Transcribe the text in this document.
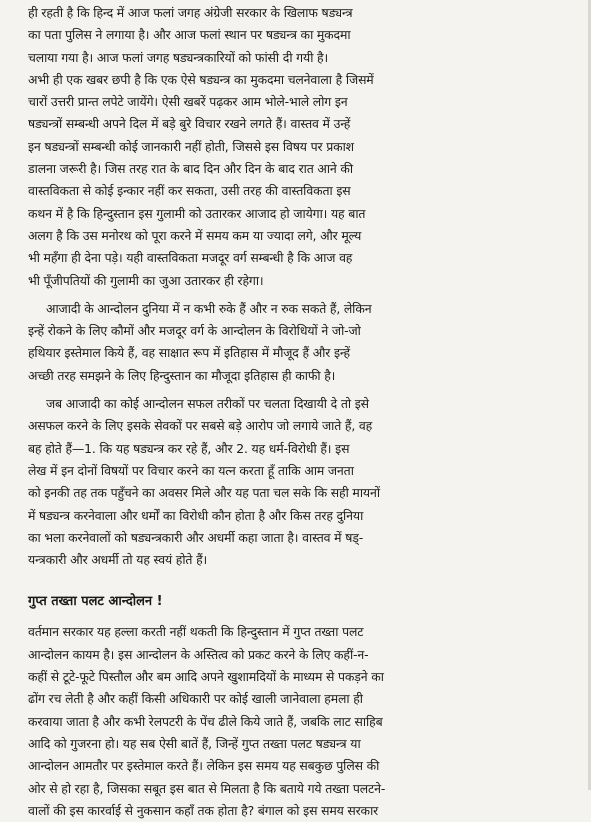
ही रहती है कि हिन्द में आज फलां जगह अंग्रेजी सरकार के खिलाफ षड्यन्त्र
का पता पुलिस ने लगाया है। और आज फलां स्थान पर षड्यन्त्र का मुकदमा
चलाया गया है। आज फलां जगह षड्यन्त्रकारियों को फांसी दी गयी है।
अभी ही एक खबर छपी है कि एक ऐसे षड्यन्त्र का मुकदमा चलनेवाला है जिसमें
चारों उत्तरी प्रान्त लपेटे जायेंगे। ऐसी खबरें पढ़कर आम भोले-भाले लोग इन
षड्यन्त्रों सम्बन्धी अपने दिल में बड़े बुरे विचार रखने लगते हैं। वास्तव में उन्हें
इन षड्यन्त्रों सम्बन्धी कोई जानकारी नहीं होती, जिससे इस विषय पर प्रकाश
डालना जरूरी है। जिस तरह रात के बाद दिन और दिन के बाद रात आने की
वास्तविकता से कोई इन्कार नहीं कर सकता, उसी तरह की वास्तविकता इस
कथन में है कि हिन्दुस्तान इस गुलामी को उतारकर आजाद हो जायेगा। यह बात
अलग है कि उस मनोरथ को पूरा करने में समय कम या ज्यादा लगे, और मूल्य
भी महँगा ही देना पड़े। यही वास्तविकता मजदूर वर्ग सम्बन्धी है कि आज वह
भी पूँजीपतियों की गुलामी का जुआ उतारकर ही रहेगा।
आजादी के आन्दोलन दुनिया में न कभी रुके हैं और न रुक सकते हैं, लेकिन
इन्हें रोकने के लिए कौमों और मजदूर वर्ग के आन्दोलन के विरोधियों ने जो-जो
हथियार इस्तेमाल किये हैं, वह साक्षात रूप में इतिहास में मौजूद हैं और इन्हें
अच्छी तरह समझने के लिए हिन्दुस्तान का मौजूदा इतिहास ही काफी है।
जब आजादी का कोई आन्दोलन सफल तरीकों पर चलता दिखायी दे तो इसे
असफल करने के लिए इसके सेवकों पर सबसे बड़े आरोप जो लगाये जाते हैं, वह
बह होते हैं—1. कि यह षड्यन्त्र कर रहे हैं, और 2. यह धर्म-विरोधी हैं। इस
लेख में इन दोनों विषयों पर विचार करने का यत्न करता हूँ ताकि आम जनता
को इनकी तह तक पहुँचने का अवसर मिले और यह पता चल सके कि सही मायनों
में षड्यन्त्र करनेवाला और धर्मों का विरोधी कौन होता है और किस तरह दुनिया
का भला करनेवालों को षड्यन्त्रकारी और अधर्मी कहा जाता है। वास्तव में षड्-
यन्त्रकारी और अधर्मी तो यह स्वयं होते हैं।
गुप्त तख्ता पलट आन्दोलन !
वर्तमान सरकार यह हल्ला करती नहीं थकती कि हिन्दुस्तान में गुप्त तख्ता पलट
आन्दोलन कायम है। इस आन्दोलन के अस्तित्व को प्रकट करने के लिए कहीं-न-
कहीं से टूटे-फूटे पिस्तौल और बम आदि अपने खुशामदियों के माध्यम से पकड़ने का
ढोंग रच लेती है और कहीं किसी अधिकारी पर कोई खाली जानेवाला हमला ही
करवाया जाता है और कभी रेलपटरी के पेंच ढीले किये जाते हैं, जबकि लाट साहिब
आदि को गुजरना हो। यह सब ऐसी बातें हैं, जिन्हें गुप्त तख्ता पलट षड्यन्त्र या
आन्दोलन आमतौर पर इस्तेमाल करते हैं। लेकिन इस समय यह सबकुछ पुलिस की
ओर से हो रहा है, जिसका सबूत इस बात से मिलता है कि बताये गये तख्ता पलटने-
वालों की इस कारर्वाई से नुकसान कहाँ तक होता है? बंगाल को इस समय सरकार
